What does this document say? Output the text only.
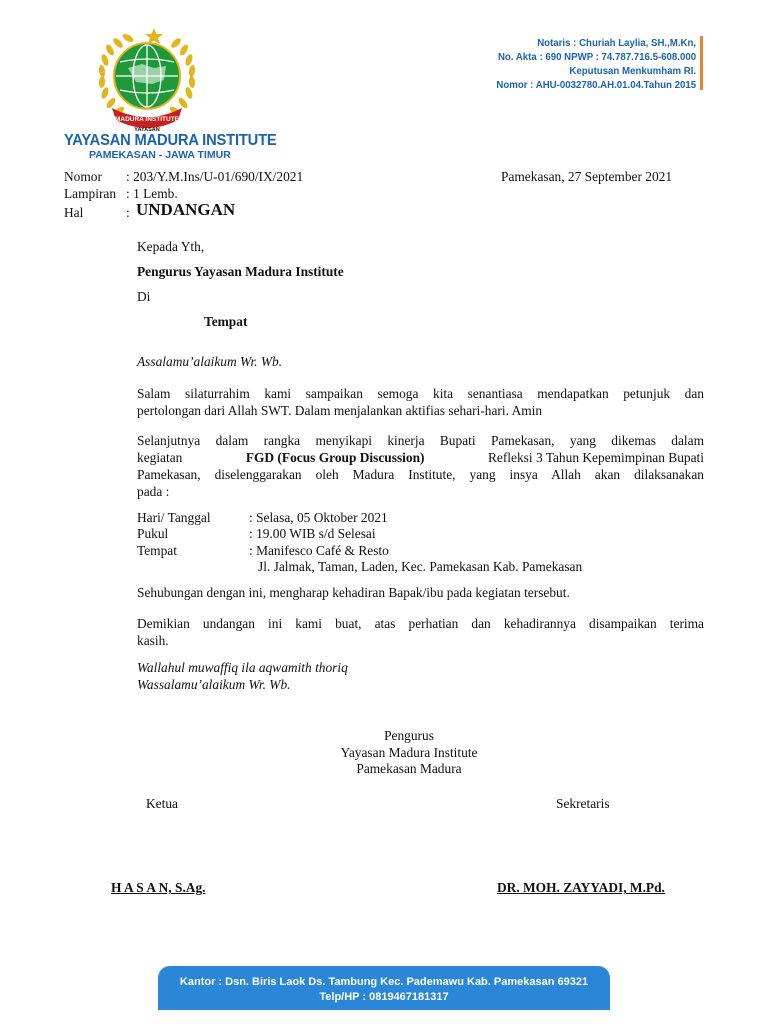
MADURA INSTITUTE
YAYASAN
YAYASAN MADURA INSTITUTE
PAMEKASAN - JAWA TIMUR
Notaris : Churiah Laylia, SH.,M.Kn,
No. Akta : 690 NPWP : 74.787.716.5-608.000
Keputusan Menkumham RI.
Nomor : AHU-0032780.AH.01.04.Tahun 2015
Nomor : 203/Y.M.Ins/U-01/690/IX/2021	Pamekasan, 27 September 2021
Lampiran : 1 Lemb.
Hal	: UNDANGAN
Kepada Yth,
Pengurus Yayasan Madura Institute
Di
Tempat
Assalamu’alaikum Wr. Wb.
Salam silaturrahim kami sampaikan semoga kita senantiasa mendapatkan petunjuk dan
pertolongan dari Allah SWT. Dalam menjalankan aktifias sehari-hari. Amin
Selanjutnya dalam rangka menyikapi kinerja Bupati Pamekasan, yang dikemas dalam
kegiatan	FGD (Focus Group Discussion)	Refleksi 3 Tahun Kepemimpinan Bupati
Pamekasan, diselenggarakan oleh Madura Institute, yang insya Allah akan dilaksanakan
pada :
Hari/ Tanggal	: Selasa, 05 Oktober 2021
Pukul	: 19.00 WIB s/d Selesai
Tempat	: Manifesco Café & Resto
Jl. Jalmak, Taman, Laden, Kec. Pamekasan Kab. Pamekasan
Sehubungan dengan ini, mengharap kehadiran Bapak/ibu pada kegiatan tersebut.
Demikian undangan ini kami buat, atas perhatian dan kehadirannya disampaikan terima
kasih.
Wallahul muwaffiq ila aqwamith thoriq
Wassalamu’alaikum Wr. Wb.
Pengurus
Yayasan Madura Institute
Pamekasan Madura
Ketua	Sekretaris
H A S A N, S.Ag.	DR. MOH. ZAYYADI, M.Pd.
Kantor : Dsn. Biris Laok Ds. Tambung Kec. Pademawu Kab. Pamekasan 69321
Telp/HP : 0819467181317
